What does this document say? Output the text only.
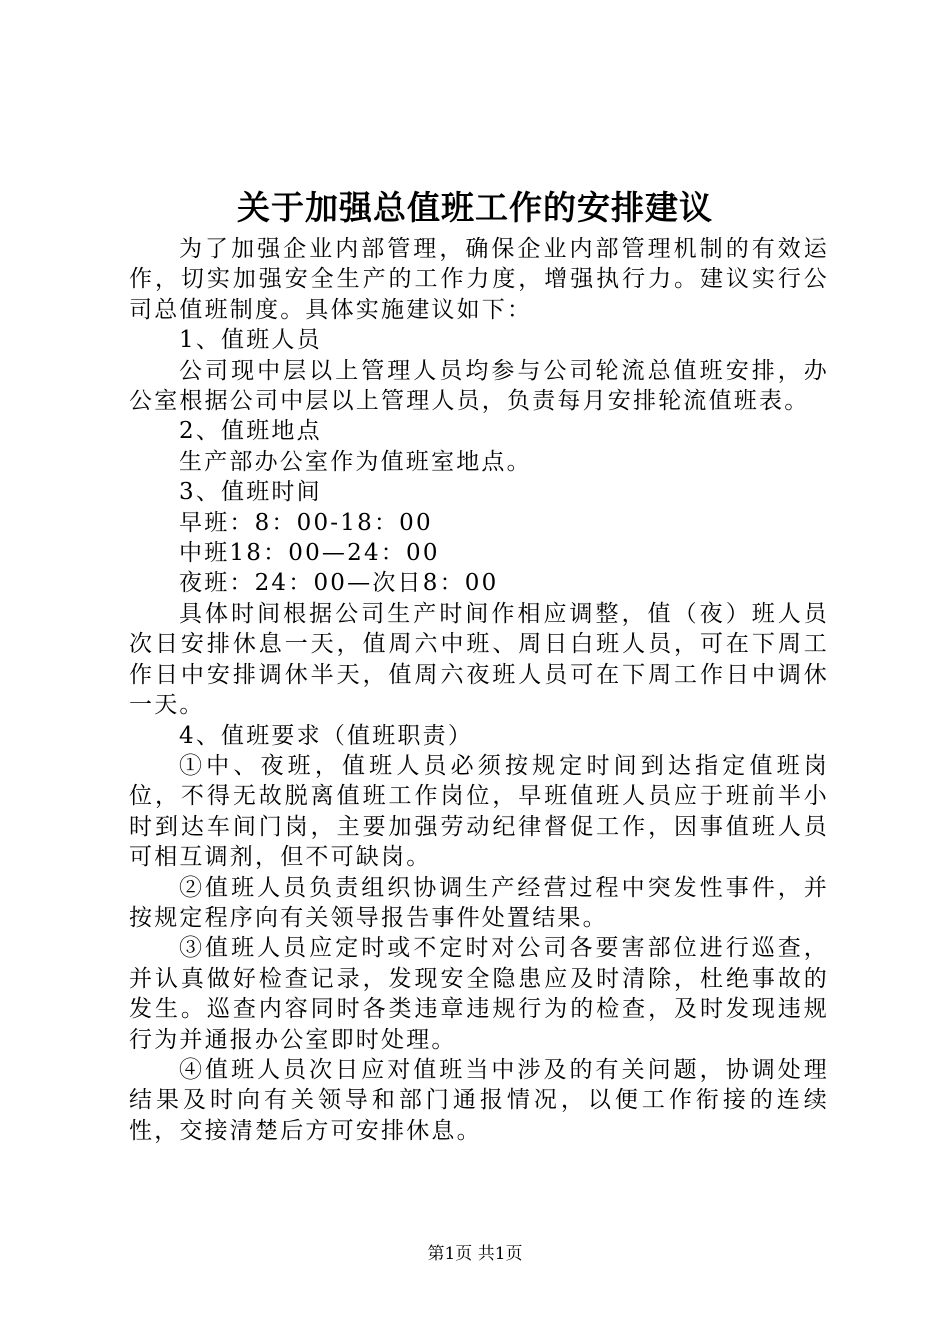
关于加强总值班工作的安排建议

为了加强企业内部管理，确保企业内部管理机制的有效运作，切实加强安全生产的工作力度，增强执行力。建议实行公司总值班制度。具体实施建议如下：

1、值班人员

公司现中层以上管理人员均参与公司轮流总值班安排，办公室根据公司中层以上管理人员，负责每月安排轮流值班表。

2、值班地点

生产部办公室作为值班室地点。

3、值班时间

早班：8：00-18：00

中班18：00—24：00

夜班：24：00—次日8：00

具体时间根据公司生产时间作相应调整，值（夜）班人员次日安排休息一天，值周六中班、周日白班人员，可在下周工作日中安排调休半天，值周六夜班人员可在下周工作日中调休一天。

4、值班要求（值班职责）

①中、夜班，值班人员必须按规定时间到达指定值班岗位，不得无故脱离值班工作岗位，早班值班人员应于班前半小时到达车间门岗，主要加强劳动纪律督促工作，因事值班人员可相互调剂，但不可缺岗。

②值班人员负责组织协调生产经营过程中突发性事件，并按规定程序向有关领导报告事件处置结果。

③值班人员应定时或不定时对公司各要害部位进行巡查，并认真做好检查记录，发现安全隐患应及时清除，杜绝事故的发生。巡查内容同时各类违章违规行为的检查，及时发现违规行为并通报办公室即时处理。

④值班人员次日应对值班当中涉及的有关问题，协调处理结果及时向有关领导和部门通报情况，以便工作衔接的连续性，交接清楚后方可安排休息。

第1页 共1页
